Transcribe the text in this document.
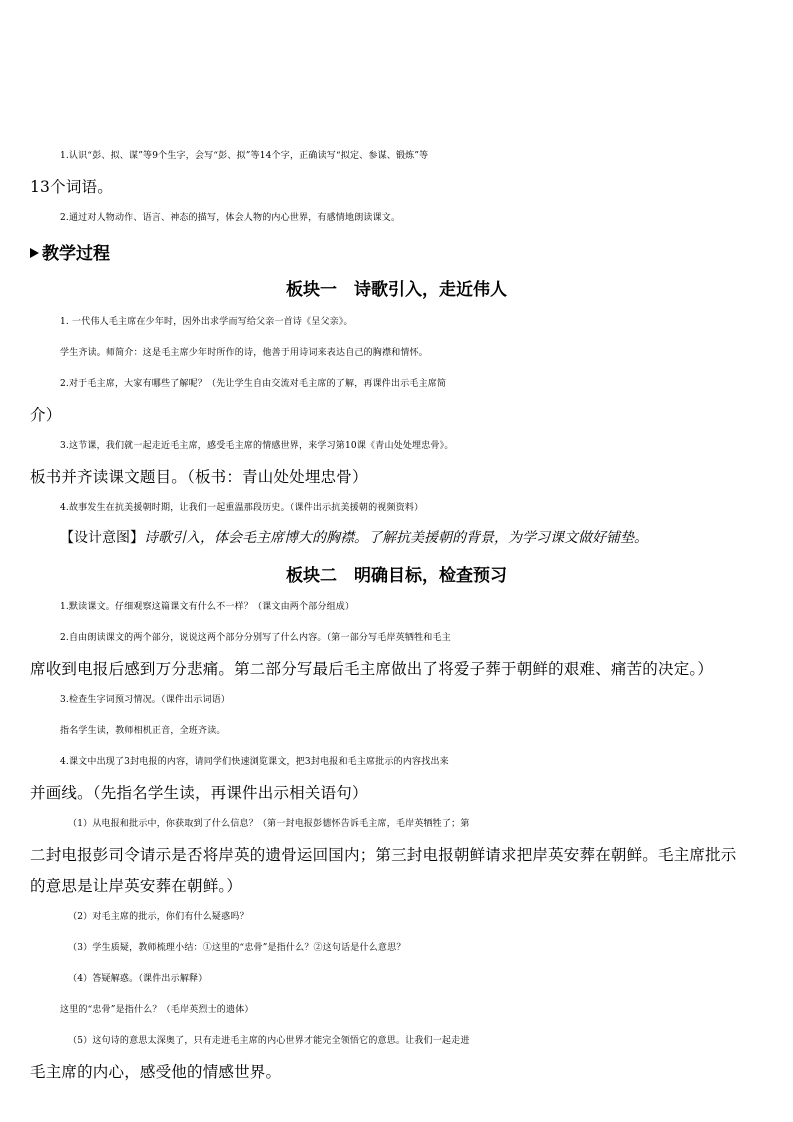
1.认识“彭、拟、谋”等9个生字，会写“彭、拟”等14个字，正确读写“拟定、参谋、锻炼”等
13个词语。
2.通过对人物动作、语言、神态的描写，体会人物的内心世界，有感情地朗读课文。
教学过程
板块一　诗歌引入，走近伟人
1. 一代伟人毛主席在少年时，因外出求学而写给父亲一首诗《呈父亲》。
学生齐读。师简介：这是毛主席少年时所作的诗，他善于用诗词来表达自己的胸襟和情怀。
2.对于毛主席，大家有哪些了解呢？（先让学生自由交流对毛主席的了解，再课件出示毛主席简
介）
3.这节课，我们就一起走近毛主席，感受毛主席的情感世界，来学习第10课《青山处处埋忠骨》。
板书并齐读课文题目。（板书：青山处处埋忠骨）
4.故事发生在抗美援朝时期，让我们一起重温那段历史。（课件出示抗美援朝的视频资料）
【设计意图】诗歌引入，体会毛主席博大的胸襟。了解抗美援朝的背景，为学习课文做好铺垫。
板块二　明确目标，检查预习
1.默读课文。仔细观察这篇课文有什么不一样？（课文由两个部分组成）
2.自由朗读课文的两个部分，说说这两个部分分别写了什么内容。（第一部分写毛岸英牺牲和毛主
席收到电报后感到万分悲痛。第二部分写最后毛主席做出了将爱子葬于朝鲜的艰难、痛苦的决定。）
3.检查生字词预习情况。（课件出示词语）
指名学生读，教师相机正音，全班齐读。
4.课文中出现了3封电报的内容，请同学们快速浏览课文，把3封电报和毛主席批示的内容找出来
并画线。（先指名学生读，再课件出示相关语句）
（1）从电报和批示中，你获取到了什么信息？（第一封电报彭德怀告诉毛主席，毛岸英牺牲了；第
二封电报彭司令请示是否将岸英的遗骨运回国内；第三封电报朝鲜请求把岸英安葬在朝鲜。毛主席批示
的意思是让岸英安葬在朝鲜。）
（2）对毛主席的批示，你们有什么疑惑吗？
（3）学生质疑，教师梳理小结：①这里的“忠骨”是指什么？②这句话是什么意思？
（4）答疑解惑。（课件出示解释）
这里的“忠骨”是指什么？（毛岸英烈士的遗体）
（5）这句诗的意思太深奥了，只有走进毛主席的内心世界才能完全领悟它的意思。让我们一起走进
毛主席的内心，感受他的情感世界。
